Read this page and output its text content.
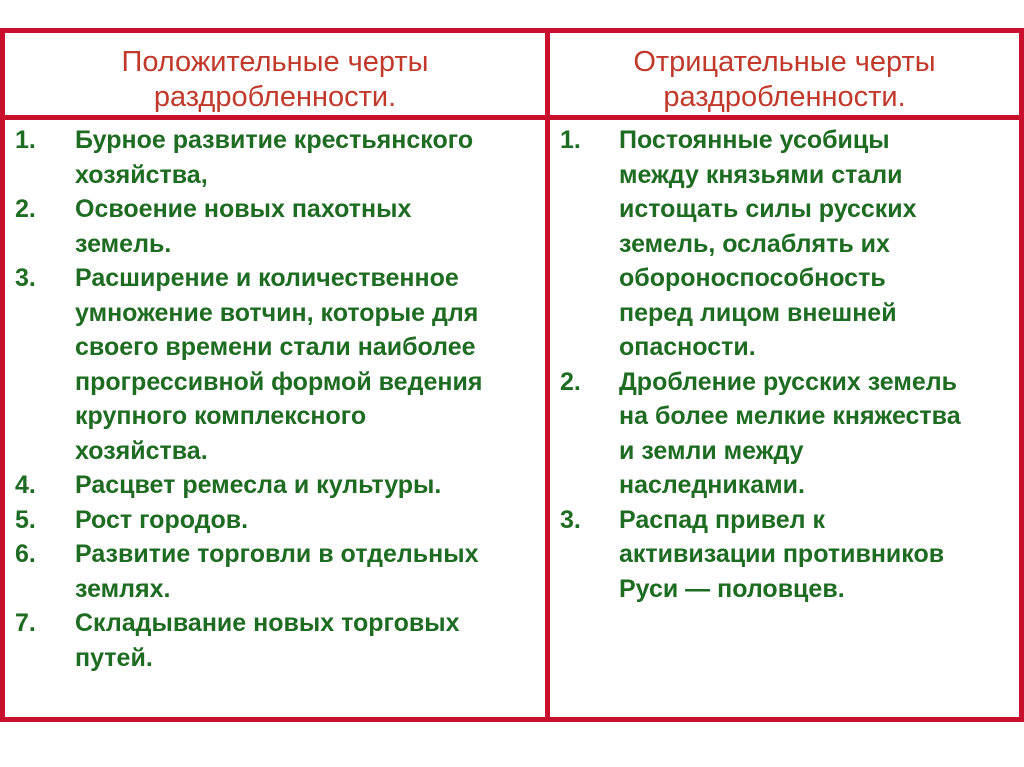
Положительные черты
раздробленности.
Отрицательные черты
раздробленности.
1. Бурное развитие крестьянского
хозяйства,
2. Освоение новых пахотных
земель.
3. Расширение и количественное
умножение вотчин, которые для
своего времени стали наиболее
прогрессивной формой ведения
крупного комплексного
хозяйства.
4. Расцвет ремесла и культуры.
5. Рост городов.
6. Развитие торговли в отдельных
землях.
7. Складывание новых торговых
путей.
1. Постоянные усобицы
между князьями стали
истощать силы русских
земель, ослаблять их
обороноспособность
перед лицом внешней
опасности.
2. Дробление русских земель
на более мелкие княжества
и земли между
наследниками.
3. Распад привел к
активизации противников
Руси — половцев.
